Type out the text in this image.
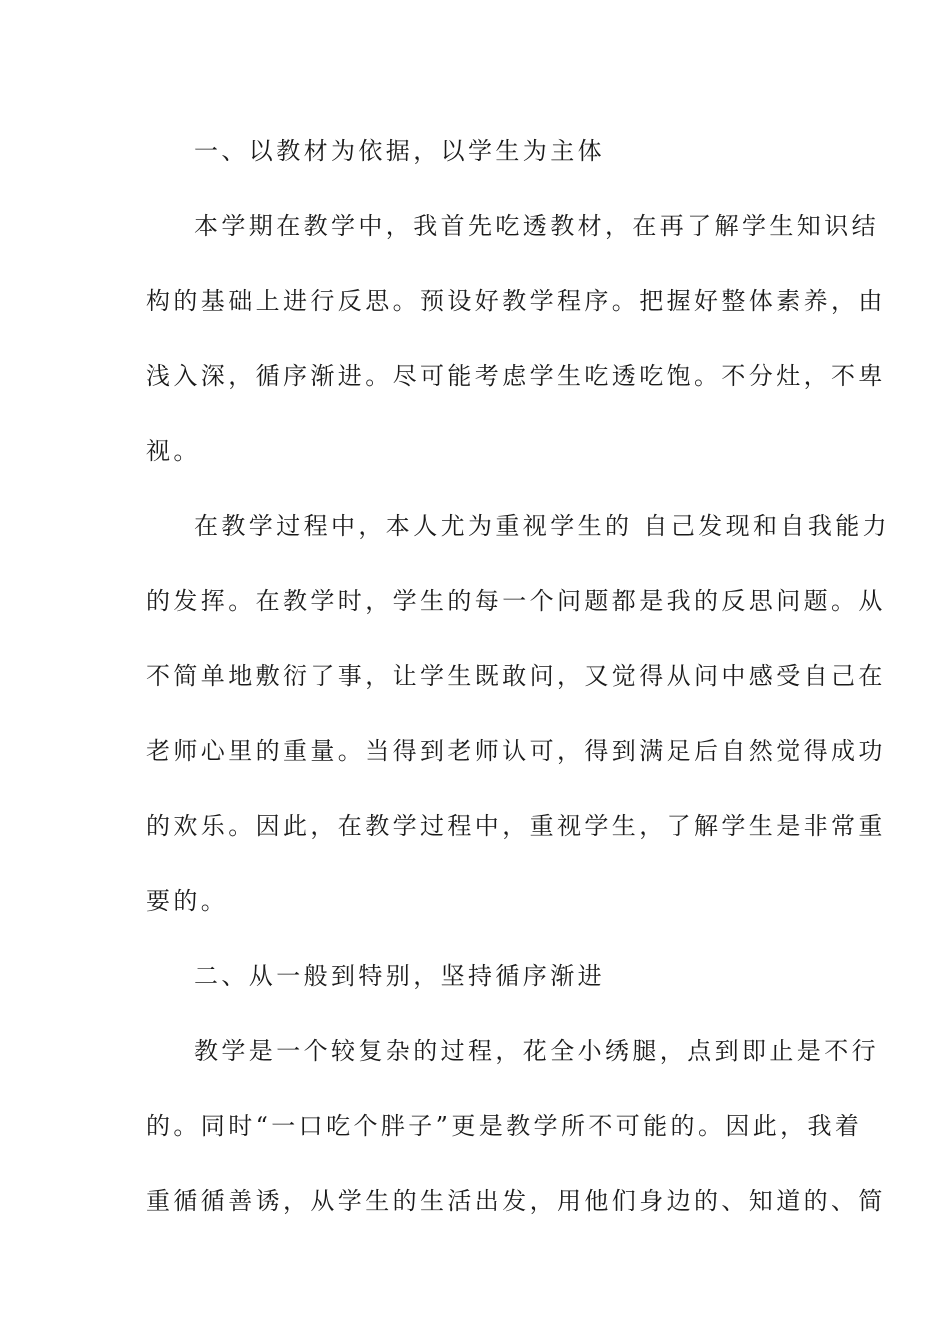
一、以教材为依据，以学生为主体
本学期在教学中，我首先吃透教材，在再了解学生知识结
构的基础上进行反思。预设好教学程序。把握好整体素养，由
浅入深，循序渐进。尽可能考虑学生吃透吃饱。不分灶，不卑
视。
在教学过程中，本人尤为重视学生的 自己发现和自我能力
的发挥。在教学时，学生的每一个问题都是我的反思问题。从
不简单地敷衍了事，让学生既敢问，又觉得从问中感受自己在
老师心里的重量。当得到老师认可，得到满足后自然觉得成功
的欢乐。因此，在教学过程中，重视学生，了解学生是非常重
要的。
二、从一般到特别，坚持循序渐进
教学是一个较复杂的过程，花全小绣腿，点到即止是不行
的。同时“一口吃个胖子”更是教学所不可能的。因此，我着
重循循善诱，从学生的生活出发，用他们身边的、知道的、简
